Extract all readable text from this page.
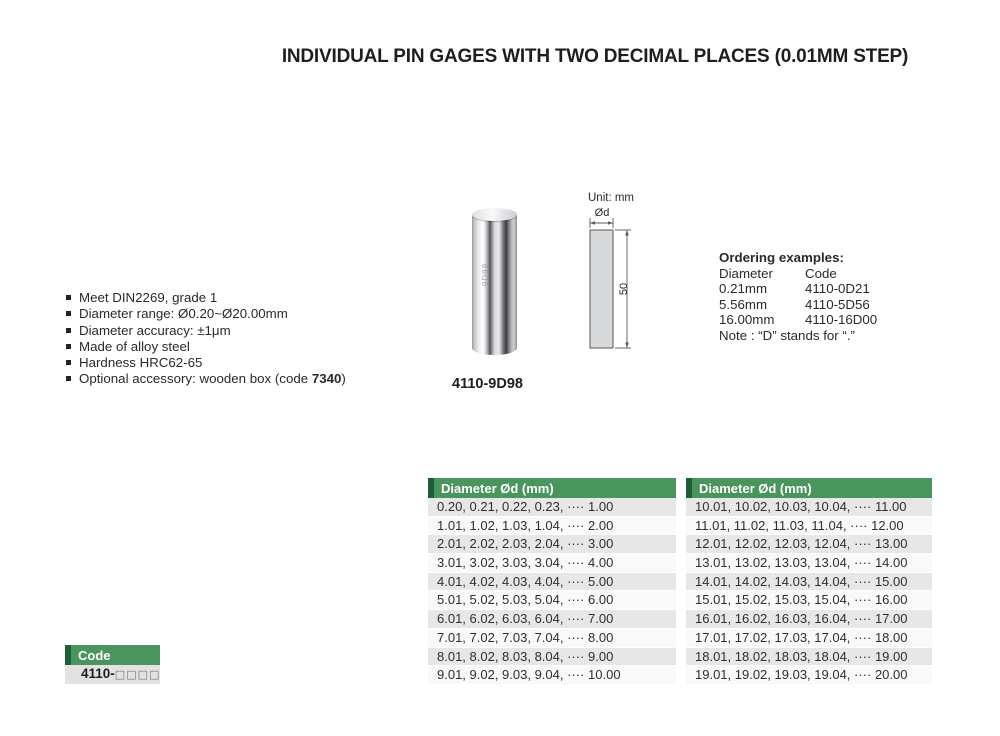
INDIVIDUAL PIN GAGES WITH TWO DECIMAL PLACES (0.01MM STEP)
Meet DIN2269, grade 1
Diameter range: Ø0.20~Ø20.00mm
Diameter accuracy: ±1μm
Made of alloy steel
Hardness HRC62-65
Optional accessory: wooden box (code 7340)
9D98
4110-9D98
Unit: mm
Ød
50
Ordering examples:
Diameter	Code
0.21mm	4110-0D21
5.56mm	4110-5D56
16.00mm	4110-16D00
Note : “D” stands for “.”
Diameter Ød (mm)
0.20, 0.21, 0.22, 0.23, ···· 1.00
1.01, 1.02, 1.03, 1.04, ···· 2.00
2.01, 2.02, 2.03, 2.04, ···· 3.00
3.01, 3.02, 3.03, 3.04, ···· 4.00
4.01, 4.02, 4.03, 4.04, ···· 5.00
5.01, 5.02, 5.03, 5.04, ···· 6.00
6.01, 6.02, 6.03, 6.04, ···· 7.00
7.01, 7.02, 7.03, 7.04, ···· 8.00
8.01, 8.02, 8.03, 8.04, ···· 9.00
9.01, 9.02, 9.03, 9.04, ···· 10.00
Diameter Ød (mm)
10.01, 10.02, 10.03, 10.04, ···· 11.00
11.01, 11.02, 11.03, 11.04, ···· 12.00
12.01, 12.02, 12.03, 12.04, ···· 13.00
13.01, 13.02, 13.03, 13.04, ···· 14.00
14.01, 14.02, 14.03, 14.04, ···· 15.00
15.01, 15.02, 15.03, 15.04, ···· 16.00
16.01, 16.02, 16.03, 16.04, ···· 17.00
17.01, 17.02, 17.03, 17.04, ···· 18.00
18.01, 18.02, 18.03, 18.04, ···· 19.00
19.01, 19.02, 19.03, 19.04, ···· 20.00
Code
4110-□□□□
